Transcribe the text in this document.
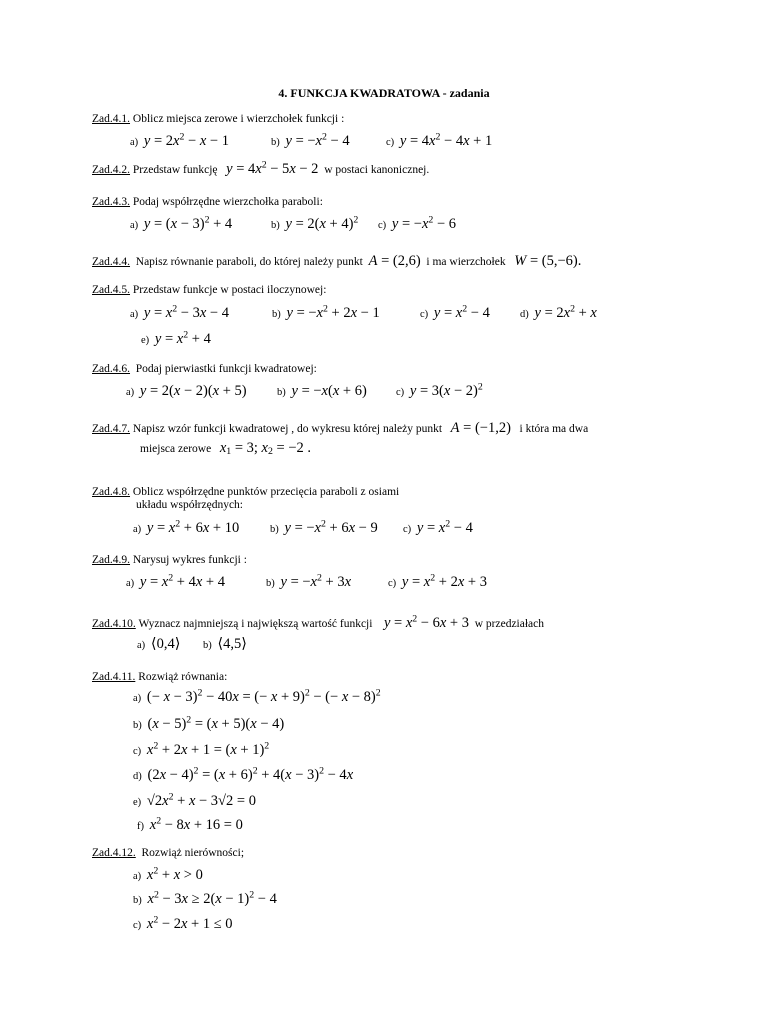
4. FUNKCJA KWADRATOWA - zadania
Zad.4.1. Oblicz miejsca zerowe i wierzchołek funkcji :
a) $y = 2x^2 - x - 1$	b) $y = -x^2 - 4$	c) $y = 4x^2 - 4x + 1$
Zad.4.2. Przedstaw funkcję $y = 4x^2 - 5x - 2$ w postaci kanonicznej.
Zad.4.3. Podaj współrzędne wierzchołka paraboli:
a) $y = (x - 3)^2 + 4$	b) $y = 2(x + 4)^2$ c) $y = -x^2 - 6$
Zad.4.4. Napisz równanie paraboli, do której należy punkt A = (2,6) i ma wierzchołek W = (5,−6).
Zad.4.5. Przedstaw funkcje w postaci iloczynowej:
a) $y = x^2 - 3x - 4$	b) $y = -x^2 + 2x - 1$	c) $y = x^2 - 4$	d) $y = 2x^2 + x$
e) $y = x^2 + 4$
Zad.4.6. Podaj pierwiastki funkcji kwadratowej:
a) y = 2(x − 2)(x + 5)	b) y = −x(x + 6)	c) $y = 3(x - 2)^2$
Zad.4.7. Napisz wzór funkcji kwadratowej , do wykresu której należy punkt A = (−1,2) i która ma dwa
miejsca zerowe $x_1 = 3$; $x_2 = -2$ .
Zad.4.8. Oblicz współrzędne punktów przecięcia paraboli z osiami
układu współrzędnych:
a) $y = x^2 + 6x + 10$	b) $y = -x^2 + 6x - 9$ c) $y = x^2 - 4$
Zad.4.9. Narysuj wykres funkcji :
a) $y = x^2 + 4x + 4$	b) $y = -x^2 + 3x$	c) $y = x^2 + 2x + 3$
Zad.4.10. Wyznacz najmniejszą i największą wartość funkcji $y = x^2 - 6x + 3$ w przedziałach
a) ⟨0,4⟩ b) ⟨4,5⟩
Zad.4.11. Rozwiąż równania:
a) (− x − 3)$^2$ − 40x = (− x + 9)$^2$ − (− x − 8)$^2$
b) $(x - 5)^2 = (x + 5)(x - 4)$
c) $x^2 + 2x + 1 = (x + 1)^2$
d) $(2x - 4)^2 = (x + 6)^2 + 4(x - 3)^2 - 4x$
e) $√2x^2 + x - 3√2 = 0$
f) $x^2 - 8x + 16 = 0$
Zad.4.12. Rozwiąż nierówności;
a) $x^2 + x > 0$
b) $x^2 - 3x \ge 2(x - 1)^2 - 4$
c) $x^2 - 2x + 1 \le 0$
